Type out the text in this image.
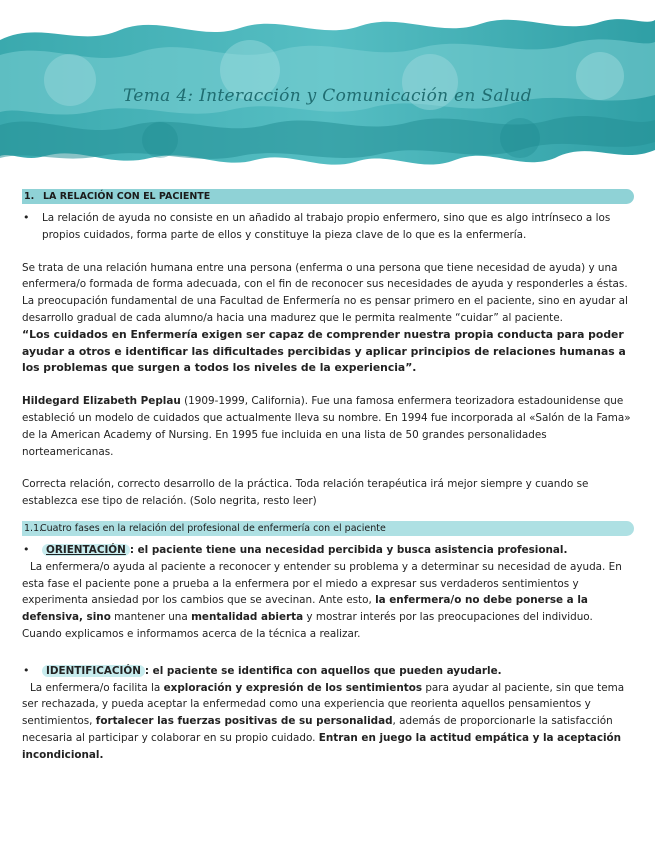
Tema 4: Interacción y Comunicación en Salud
1. LA RELACIÓN CON EL PACIENTE
•	La relación de ayuda no consiste en un añadido al trabajo propio enfermero, sino que es algo intrínseco a los propios cuidados, forma parte de ellos y constituye la pieza clave de lo que es la enfermería.

Se trata de una relación humana entre una persona (enferma o una persona que tiene necesidad de ayuda) y una enfermera/o formada de forma adecuada, con el fin de reconocer sus necesidades de ayuda y responderles a éstas.

La preocupación fundamental de una Facultad de Enfermería no es pensar primero en el paciente, sino en ayudar al desarrollo gradual de cada alumno/a hacia una madurez que le permita realmente “cuidar” al paciente.

“Los cuidados en Enfermería exigen ser capaz de comprender nuestra propia conducta para poder ayudar a otros e identificar las dificultades percibidas y aplicar principios de relaciones humanas a los problemas que surgen a todos los niveles de la experiencia”.

Hildegard Elizabeth Peplau (1909-1999, California). Fue una famosa enfermera teorizadora estadounidense que estableció un modelo de cuidados que actualmente lleva su nombre. En 1994 fue incorporada al «Salón de la Fama» de la American Academy of Nursing. En 1995 fue incluida en una lista de 50 grandes personalidades norteamericanas.

Correcta relación, correcto desarrollo de la práctica. Toda relación terapéutica irá mejor siempre y cuando se establezca ese tipo de relación. (Solo negrita, resto leer)

1.1.Cuatro fases en la relación del profesional de enfermería con el paciente
•	ORIENTACIÓN : el paciente tiene una necesidad percibida y busca asistencia profesional.

La enfermera/o ayuda al paciente a reconocer y entender su problema y a determinar su necesidad de ayuda. En esta fase el paciente pone a prueba a la enfermera por el miedo a expresar sus verdaderos sentimientos y experimenta ansiedad por los cambios que se avecinan. Ante esto, la enfermera/o no debe ponerse a la defensiva, sino mantener una mentalidad abierta y mostrar interés por las preocupaciones del individuo. Cuando explicamos e informamos acerca de la técnica a realizar.

•	IDENTIFICACIÓN : el paciente se identifica con aquellos que pueden ayudarle.

La enfermera/o facilita la exploración y expresión de los sentimientos para ayudar al paciente, sin que tema ser rechazada, y pueda aceptar la enfermedad como una experiencia que reorienta aquellos pensamientos y sentimientos, fortalecer las fuerzas positivas de su personalidad, además de proporcionarle la satisfacción necesaria al participar y colaborar en su propio cuidado. Entran en juego la actitud empática y la aceptación incondicional.
